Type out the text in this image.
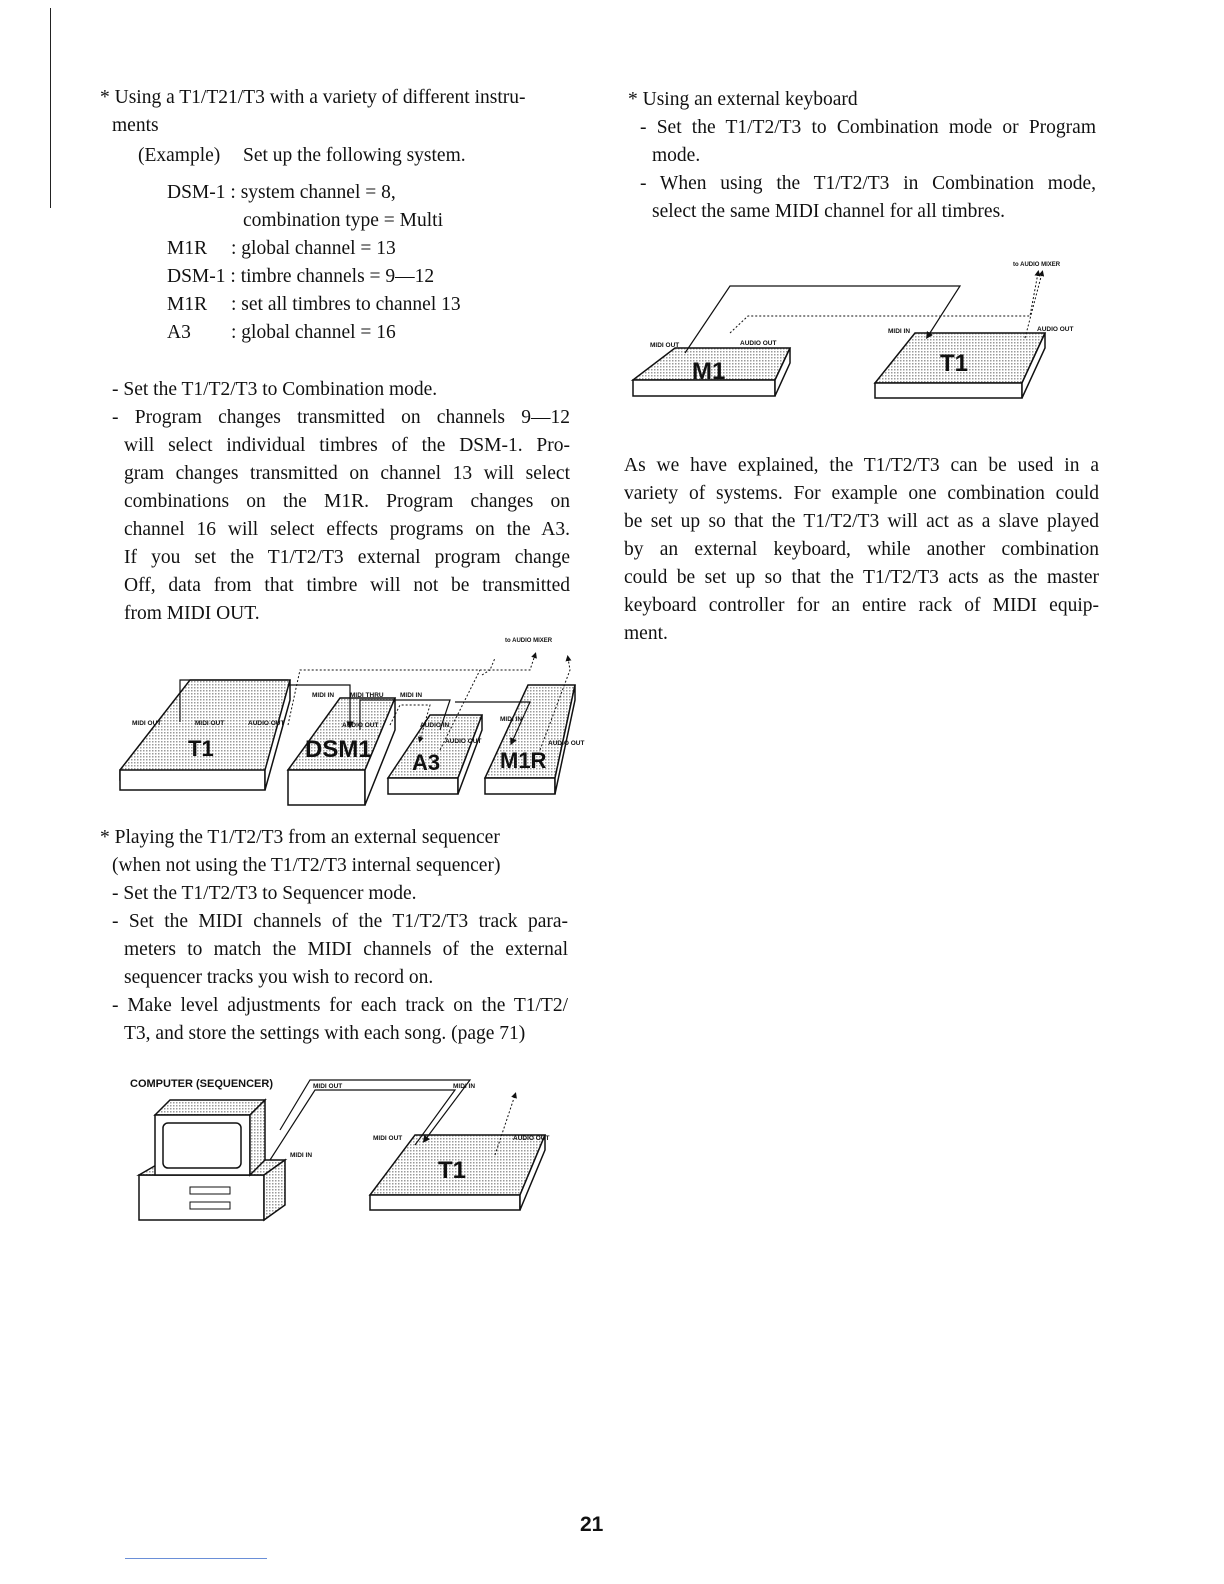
* Using a T1/T21/T3 with a variety of different instru-
ments
(Example) Set up the following system.
DSM-1 : system channel = 8,
combination type = Multi
M1R : global channel = 13
DSM-1 : timbre channels = 9—12
M1R : set all timbres to channel 13
A3 : global channel = 16
- Set the T1/T2/T3 to Combination mode.
- Program changes transmitted on channels 9—12
will select individual timbres of the DSM-1. Pro-
gram changes transmitted on channel 13 will select
combinations on the M1R. Program changes on
channel 16 will select effects programs on the A3.
If you set the T1/T2/T3 external program change
Off, data from that timbre will not be transmitted
from MIDI OUT.
to AUDIO MIXER
MIDI OUT	MIDI OUT	AUDIO OUT
MIDI IN MIDI THRU	MIDI IN
AUDIO OUT	AUDIO IN
MIDI IN
AUDIO OUT	AUDIO OUT
T1	DSM1 A3	M1R
* Playing the T1/T2/T3 from an external sequencer
(when not using the T1/T2/T3 internal sequencer)
- Set the T1/T2/T3 to Sequencer mode.
- Set the MIDI channels of the T1/T2/T3 track para-
meters to match the MIDI channels of the external
sequencer tracks you wish to record on.
- Make level adjustments for each track on the T1/T2/
T3, and store the settings with each song. (page 71)
COMPUTER (SEQUENCER)	MIDI OUT	MIDI IN
MIDI IN
MIDI OUT	AUDIO OUT
T1
* Using an external keyboard
- Set the T1/T2/T3 to Combination mode or Program
mode.
- When using the T1/T2/T3 in Combination mode,
select the same MIDI channel for all timbres.
to AUDIO MIXER
MIDI OUT	AUDIO OUT
MIDI IN	AUDIO OUT
M1	T1
As we have explained, the T1/T2/T3 can be used in a
variety of systems. For example one combination could
be set up so that the T1/T2/T3 will act as a slave played
by an external keyboard, while another combination
could be set up so that the T1/T2/T3 acts as the master
keyboard controller for an entire rack of MIDI equip-
ment.
21
